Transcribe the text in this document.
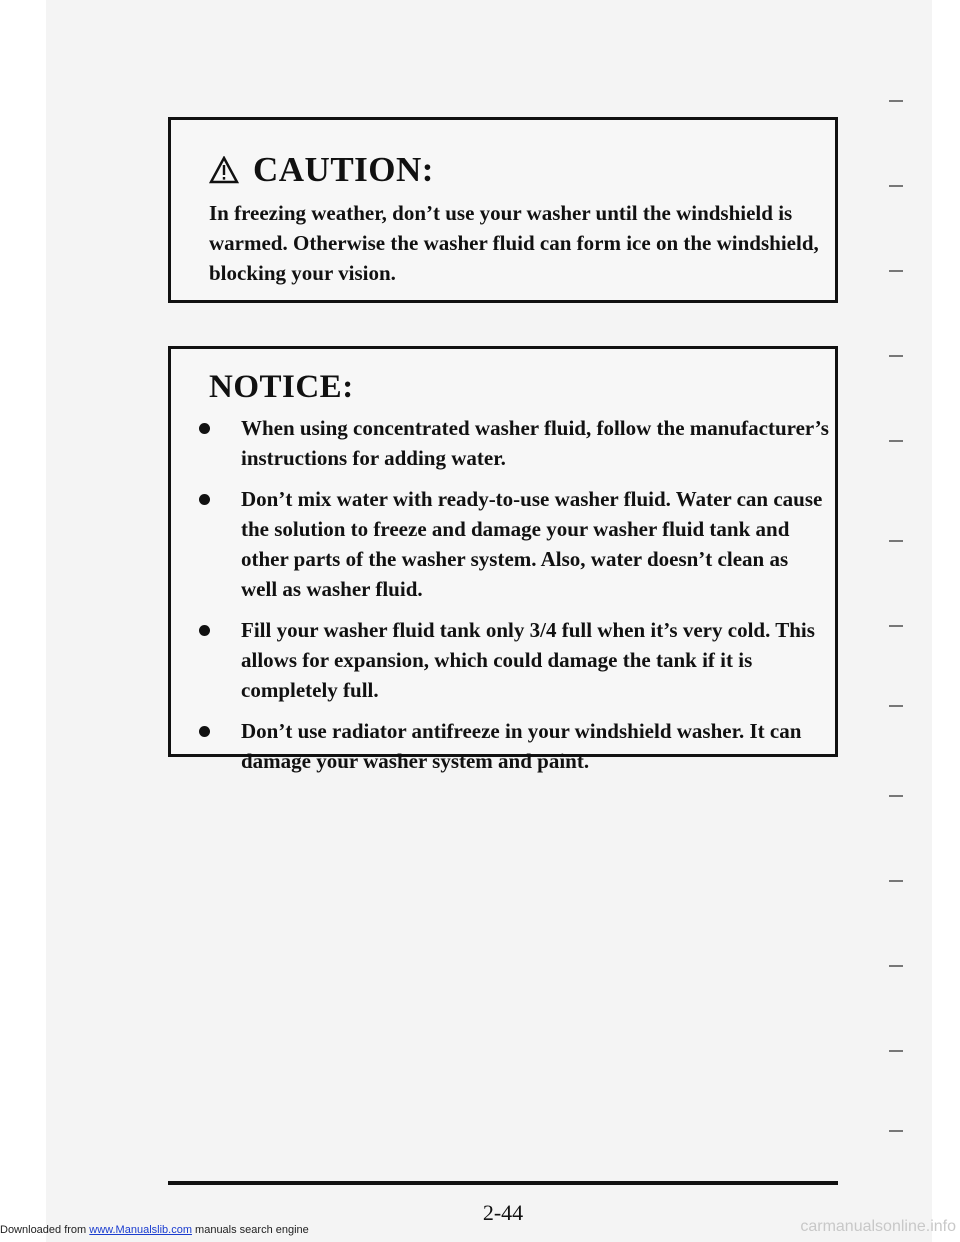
CAUTION:
In freezing weather, don’t use your washer until the windshield is warmed. Otherwise the washer fluid can form ice on the windshield, blocking your vision.
NOTICE:
When using concentrated washer fluid, follow the manufacturer’s instructions for adding water.
Don’t mix water with ready-to-use washer fluid. Water can cause the solution to freeze and damage your washer fluid tank and other parts of the washer system. Also, water doesn’t clean as well as washer fluid.
Fill your washer fluid tank only 3/4 full when it’s very cold. This allows for expansion, which could damage the tank if it is completely full.
Don’t use radiator antifreeze in your windshield washer. It can damage your washer system and paint.
2-44
Downloaded from www.Manualslib.com manuals search engine	carmanualsonline.info
